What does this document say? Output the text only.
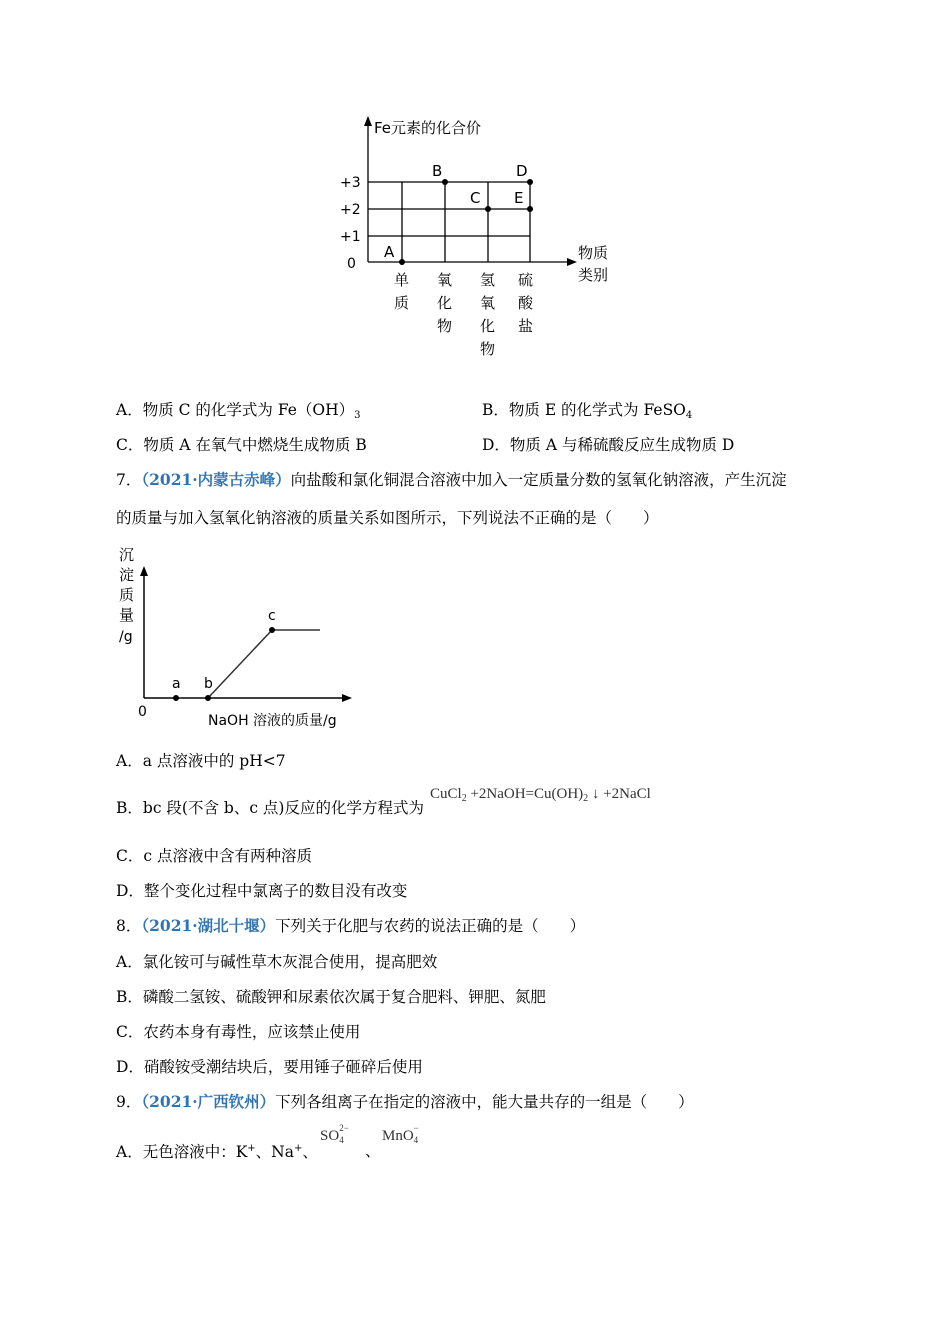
Fe元素的化合价
+3
+2
+1
0
物质
类别
A
B
C
D
E
单
质
氧
化
物
氢
氧
化
物
硫
酸
盐
A．物质 C 的化学式为 $Fe(OH)_3$	B．物质 E 的化学式为 FeSO$_4$
C．物质 A 在氧气中燃烧生成物质 B	D．物质 A 与稀硫酸反应生成物质 D
7．（2021·内蒙古赤峰）向盐酸和氯化铜混合溶液中加入一定质量分数的氢氧化钠溶液，产生沉淀
的质量与加入氢氧化钠溶液的质量关系如图所示，下列说法不正确的是（　　）
沉
淀
质
量
/g
0
NaOH 溶液的质量/g
a b
c
A．a 点溶液中的 pH<7
B．bc 段(不含 b、c 点)反应的化学方程式为
CuCl$_2$ $+2NaOH=Cu(OH)_2$ ↓ +2NaCl
C．c 点溶液中含有两种溶质
D．整个变化过程中氯离子的数目没有改变
8．（2021·湖北十堰）下列关于化肥与农药的说法正确的是（　　）
A．氯化铵可与碱性草木灰混合使用，提高肥效
B．磷酸二氢铵、硫酸钾和尿素依次属于复合肥料、钾肥、氮肥
C．农药本身有毒性，应该禁止使用
D．硝酸铵受潮结块后，要用锤子砸碎后使用
9．（2021·广西钦州）下列各组离子在指定的溶液中，能大量共存的一组是（　　）
A．无色溶液中：K+、Na+、
SO
2−
4
、
MnO
−
4
